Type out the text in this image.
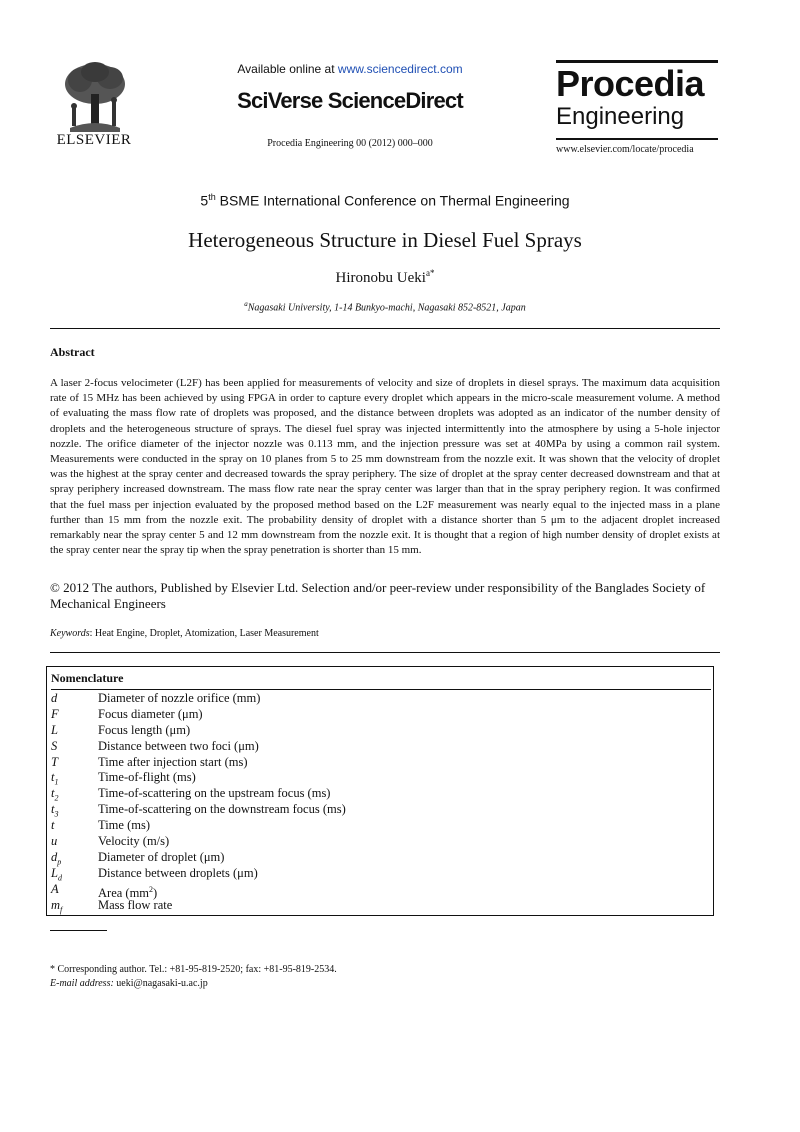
ELSEVIER
Available online at www.sciencedirect.com
SciVerse ScienceDirect
Procedia Engineering 00 (2012) 000–000
Procedia
Engineering
www.elsevier.com/locate/procedia
5th BSME International Conference on Thermal Engineering
Heterogeneous Structure in Diesel Fuel Sprays
Hironobu Ueki$^{a*}$
$^a$Nagasaki University, 1-14 Bunkyo-machi, Nagasaki 852-8521, Japan
Abstract
A laser 2-focus velocimeter (L2F) has been applied for measurements of velocity and size of droplets in diesel sprays. The maximum data acquisition rate of 15 MHz has been achieved by using FPGA in order to capture every droplet which appears in the micro-scale measurement volume. A method of evaluating the mass flow rate of droplets was proposed, and the distance between droplets was adopted as an indicator of the number density of droplets and the heterogeneous structure of sprays. The diesel fuel spray was injected intermittently into the atmosphere by using a 5-hole injector nozzle. The orifice diameter of the injector nozzle was 0.113 mm, and the injection pressure was set at 40MPa by using a common rail system. Measurements were conducted in the spray on 10 planes from 5 to 25 mm downstream from the nozzle exit. It was shown that the velocity of droplet was the highest at the spray center and decreased towards the spray periphery. The size of droplet at the spray center decreased downstream and that at spray periphery increased downstream. The mass flow rate near the spray center was larger than that in the spray periphery region. It was confirmed that the fuel mass per injection evaluated by the proposed method based on the L2F measurement was nearly equal to the injected mass in a plane further than 15 mm from the nozzle exit. The probability density of droplet with a distance shorter than 5 μm to the adjacent droplet increased remarkably near the spray center 5 and 12 mm downstream from the nozzle exit. It is thought that a region of high number density of droplet exists at the spray center near the spray tip when the spray penetration is shorter than 15 mm.
© 2012 The authors, Published by Elsevier Ltd. Selection and/or peer-review under responsibility of the Banglades Society of Mechanical Engineers
Keywords: Heat Engine, Droplet, Atomization, Laser Measurement
Nomenclature
d	Diameter of nozzle orifice (mm)
F	Focus diameter (μm)
L	Focus length (μm)
S	Distance between two foci (μm)
T	Time after injection start (ms)
$t_1$	Time-of-flight (ms)
$t_2$	Time-of-scattering on the upstream focus (ms)
$t_3$	Time-of-scattering on the downstream focus (ms)
t	Time (ms)
u	Velocity (m/s)
$d_p$	Diameter of droplet (μm)
$L_d$	Distance between droplets (μm)
A	Area $(mm^2)$
$m_f$	Mass flow rate
* Corresponding author. Tel.: +81-95-819-2520; fax: +81-95-819-2534.
E-mail address: ueki@nagasaki-u.ac.jp
